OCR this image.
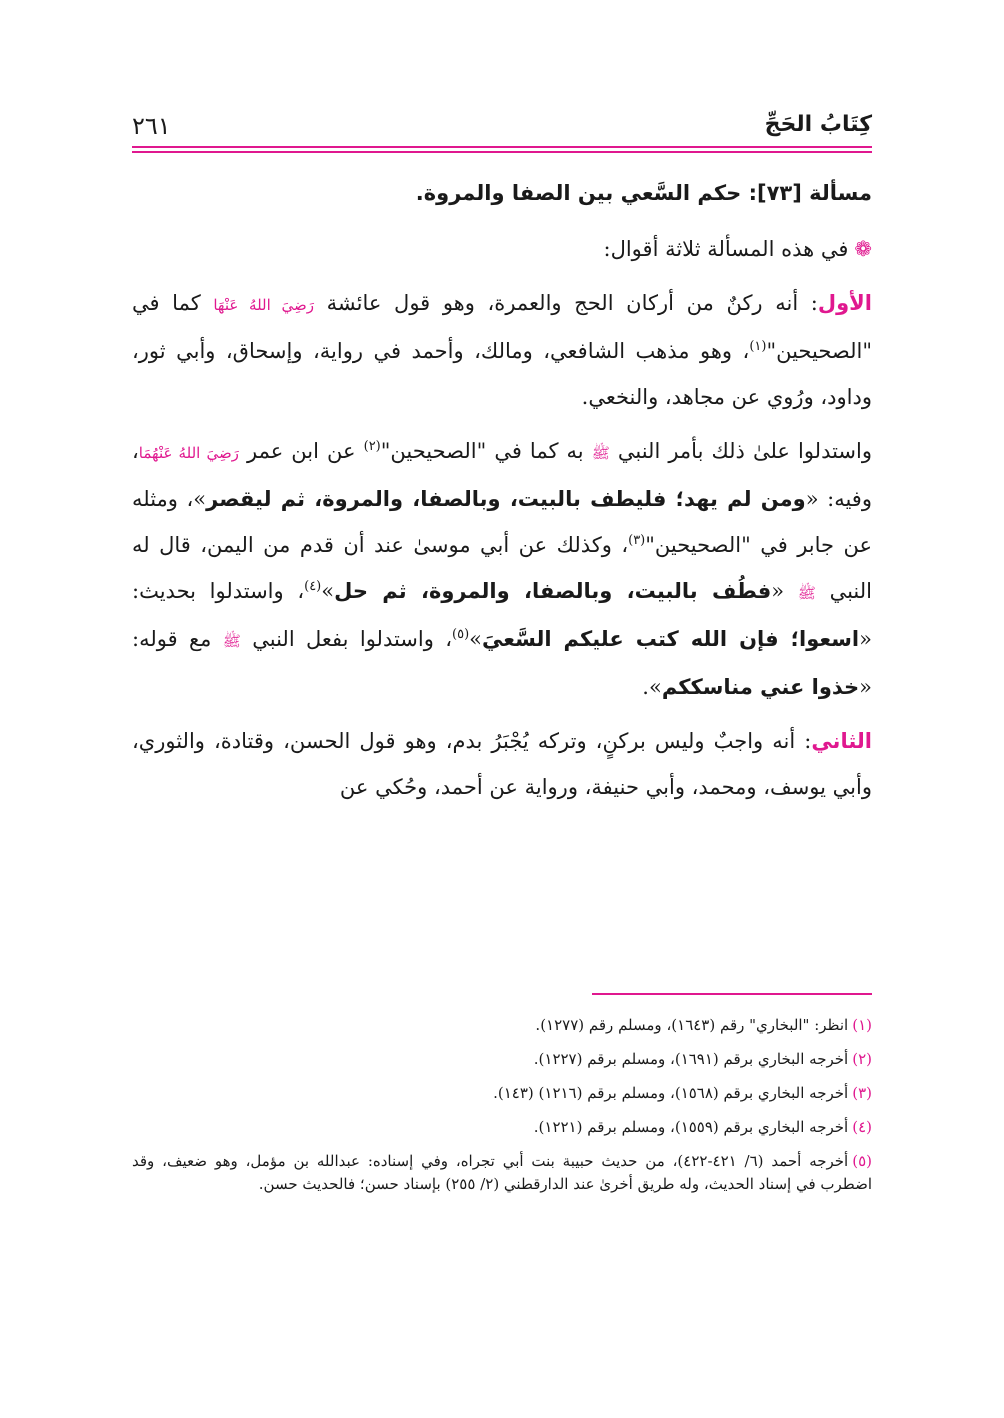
كِتَابُ الحَجِّ
٢٦١

مسألة [٧٣]: حكم السَّعي بين الصفا والمروة.

❁في هذه المسألة ثلاثة أقوال:

الأول: أنه ركنٌ من أركان الحج والعمرة، وهو قول عائشة رَضِيَ اللهُ عَنْهَا كما في "الصحيحين"$^{(١)}$، وهو مذهب الشافعي، ومالك، وأحمد في رواية، وإسحاق، وأبي ثور، وداود، ورُوي عن مجاهد، والنخعي.

واستدلوا علىٰ ذلك بأمر النبي ﷺ به كما في "الصحيحين"$^{(٢)}$ عن ابن عمر رَضِيَ اللهُ عَنْهُمَا، وفيه: «ومن لم يهد؛ فليطف بالبيت، وبالصفا، والمروة، ثم ليقصر»، ومثله عن جابر في "الصحيحين"$^{(٣)}$، وكذلك عن أبي موسىٰ عند أن قدم من اليمن، قال له النبي ﷺ «فطُف بالبيت، وبالصفا، والمروة، ثم حل»$^{(٤)}$، واستدلوا بحديث: «اسعوا؛ فإن الله كتب عليكم السَّعيَ»$^{(٥)}$، واستدلوا بفعل النبي ﷺ مع قوله: «خذوا عني مناسككم».

الثاني: أنه واجبٌ وليس بركنٍ، وتركه يُجْبَرُ بدم، وهو قول الحسن، وقتادة، والثوري، وأبي يوسف، ومحمد، وأبي حنيفة، ورواية عن أحمد، وحُكي عن

(١)انظر: "البخاري" رقم (١٦٤٣)، ومسلم رقم (١٢٧٧).

(٢)أخرجه البخاري برقم (١٦٩١)، ومسلم برقم (١٢٢٧).

(٣)أخرجه البخاري برقم (١٥٦٨)، ومسلم برقم (١٢١٦) (١٤٣).

(٤)أخرجه البخاري برقم (١٥٥٩)، ومسلم برقم (١٢٢١).

(٥)أخرجه أحمد (٦/ ٤٢١-٤٢٢)، من حديث حبيبة بنت أبي تجراه، وفي إسناده: عبدالله بن مؤمل، وهو ضعيف، وقد اضطرب في إسناد الحديث، وله طريق أخرىٰ عند الدارقطني (٢/ ٢٥٥) بإسناد حسن؛ فالحديث حسن.
